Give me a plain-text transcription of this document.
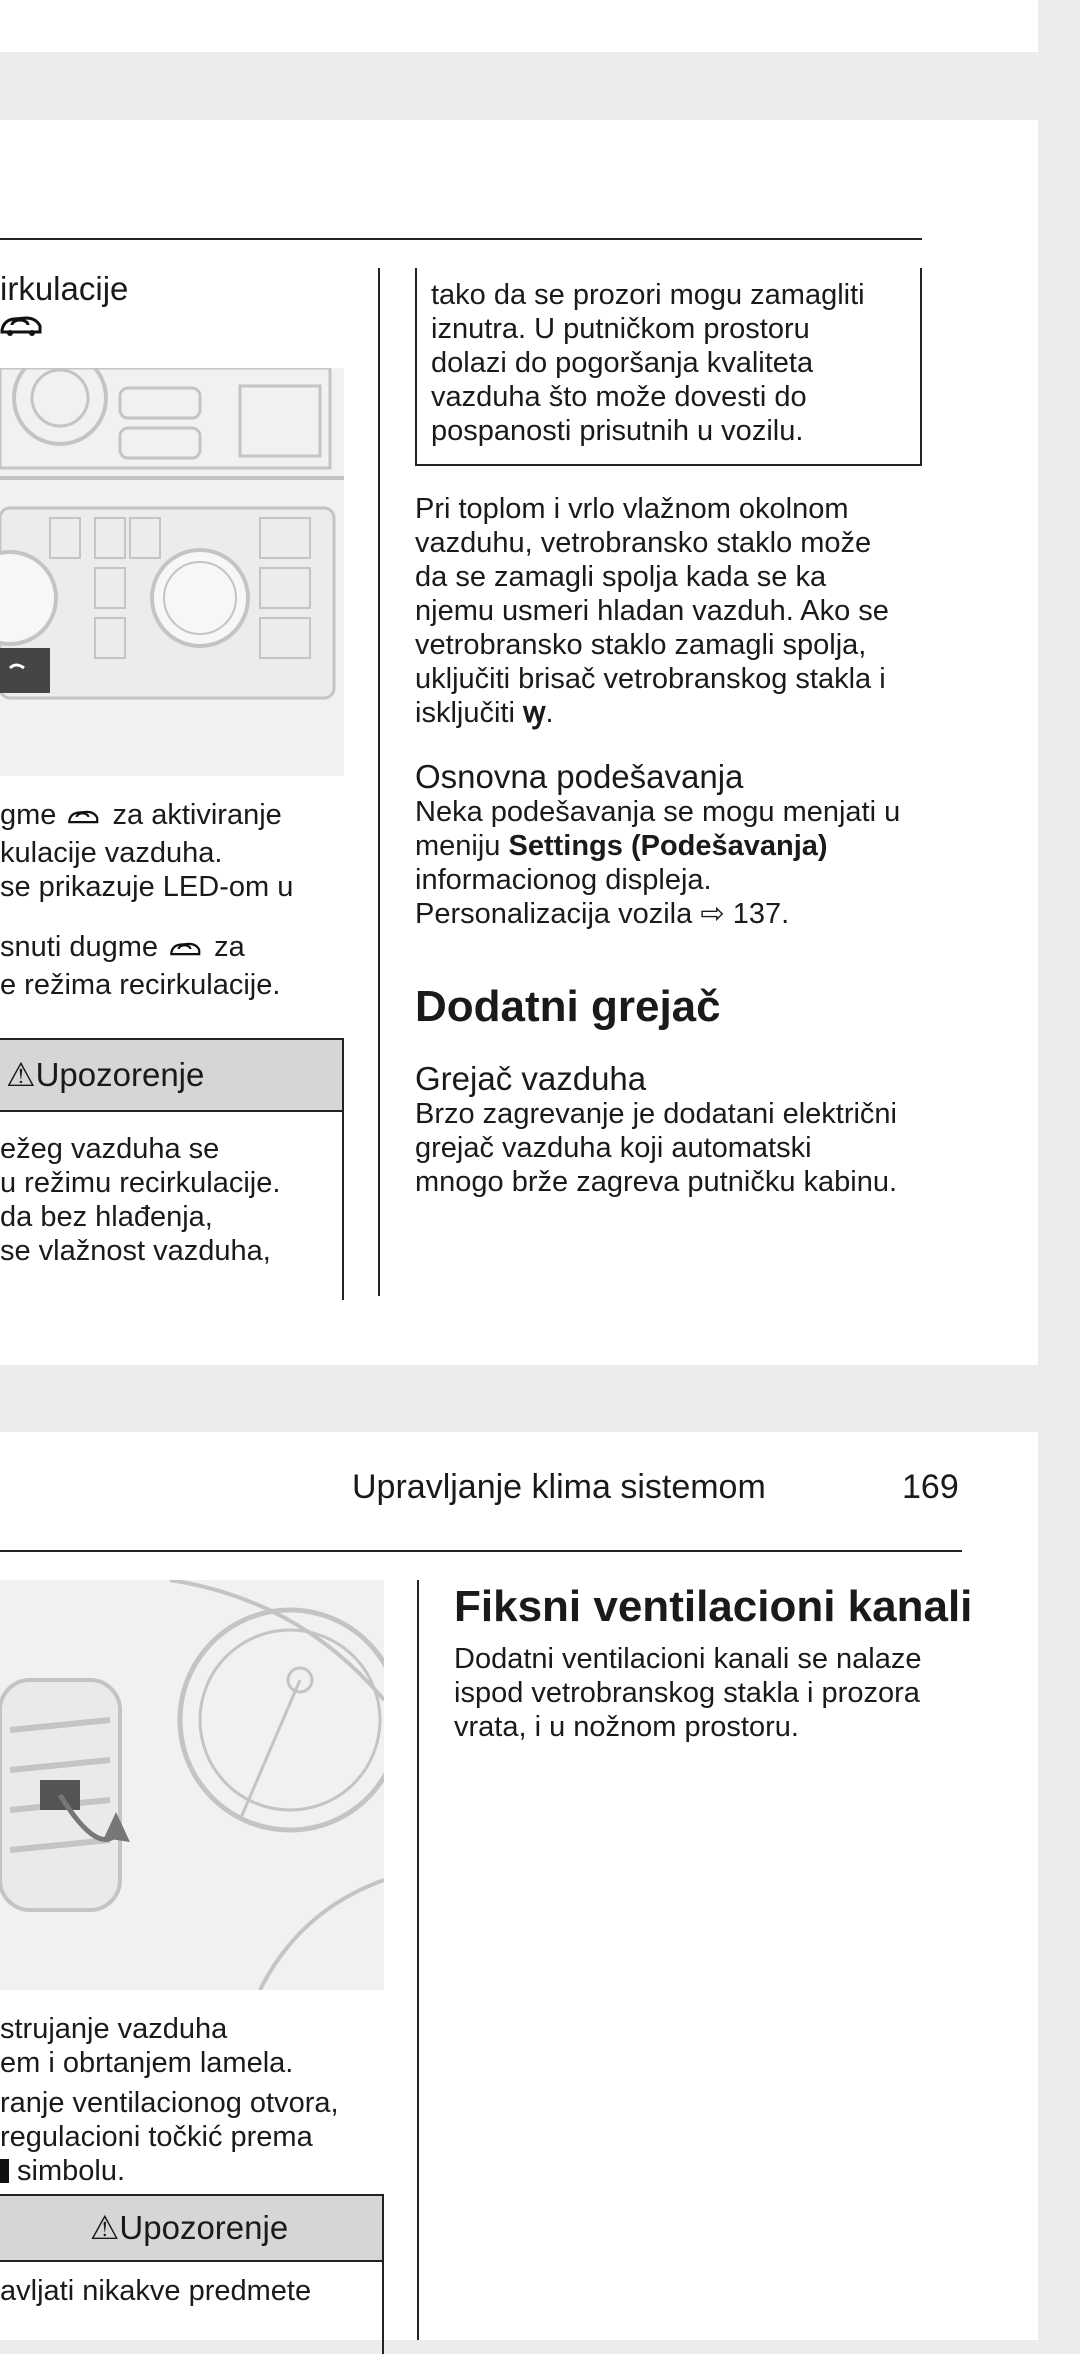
irkulacije

gme  za aktiviranje
kulacije vazduha.
se prikazuje LED-om u

snuti dugme  za
e režima recirkulacije.

⚠Upozorenje

ežeg vazduha se
u režimu recirkulacije.
da bez hlađenja,
se vlažnost vazduha,

tako da se prozori mogu zamagliti
iznutra. U putničkom prostoru
dolazi do pogoršanja kvaliteta
vazduha što može dovesti do
pospanosti prisutnih u vozilu.

Pri toplom i vrlo vlažnom okolnom
vazduhu, vetrobransko staklo može
da se zamagli spolja kada se ka
njemu usmeri hladan vazduh. Ako se
vetrobransko staklo zamagli spolja,
uključiti brisač vetrobranskog stakla i
isključiti ꝡ.

Osnovna podešavanja

Neka podešavanja se mogu menjati u
meniju Settings (Podešavanja)
informacionog displeja.
Personalizacija vozila ⇨ 137.

Dodatni grejač
Grejač vazduha

Brzo zagrevanje je dodatani električni
grejač vazduha koji automatski
mnogo brže zagreva putničku kabinu.

Upravljanje klima sistemom	169

strujanje vazduha
em i obrtanjem lamela.

ranje ventilacionog otvora,
regulacioni točkić prema
simbolu.

⚠Upozorenje

avljati nikakve predmete

Fiksni ventilacioni kanali

Dodatni ventilacioni kanali se nalaze
ispod vetrobranskog stakla i prozora
vrata, i u nožnom prostoru.
